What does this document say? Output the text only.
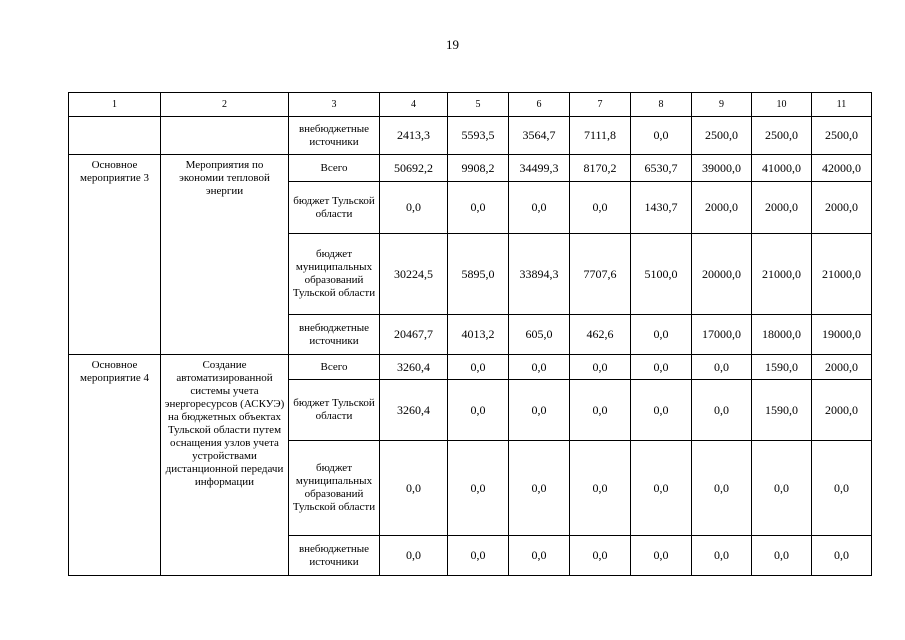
19
1	2	3	4	5	6	7	8	9	10	11
		внебюджетные источники	2413,3	5593,5	3564,7	7111,8	0,0	2500,0	2500,0	2500,0
Основное мероприятие 3	Мероприятия по экономии тепловой энергии	Всего	50692,2	9908,2	34499,3	8170,2	6530,7	39000,0	41000,0	42000,0
		бюджет Тульской области	0,0	0,0	0,0	0,0	1430,7	2000,0	2000,0	2000,0
		бюджет муниципальных образований Тульской области	30224,5	5895,0	33894,3	7707,6	5100,0	20000,0	21000,0	21000,0
		внебюджетные источники	20467,7	4013,2	605,0	462,6	0,0	17000,0	18000,0	19000,0
Основное мероприятие 4	Создание автоматизированной системы учета энергоресурсов (АСКУЭ) на бюджетных объектах Тульской области путем оснащения узлов учета устройствами дистанционной передачи информации	Всего	3260,4	0,0	0,0	0,0	0,0	0,0	1590,0	2000,0
		бюджет Тульской области	3260,4	0,0	0,0	0,0	0,0	0,0	1590,0	2000,0
		бюджет муниципальных образований Тульской области	0,0	0,0	0,0	0,0	0,0	0,0	0,0	0,0
		внебюджетные источники	0,0	0,0	0,0	0,0	0,0	0,0	0,0	0,0
